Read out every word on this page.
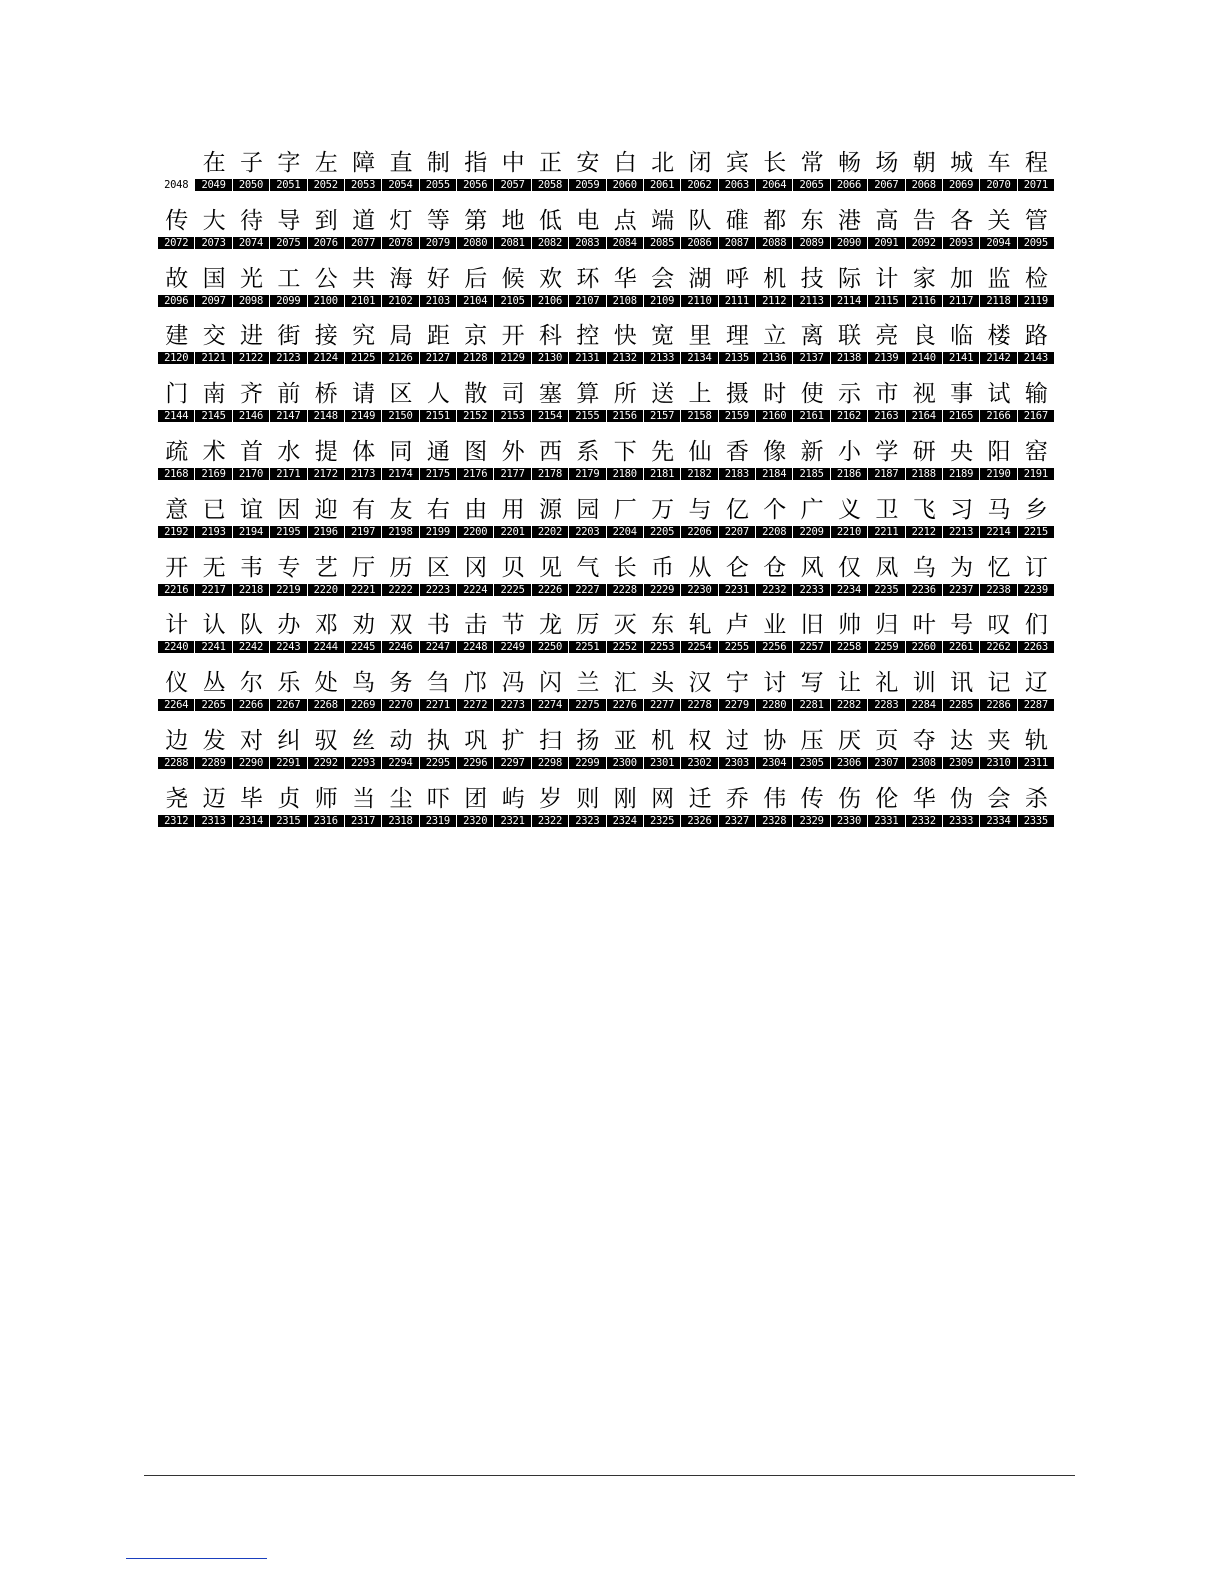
2048
在
2049
子
2050
字
2051
左
2052
障
2053
直
2054
制
2055
指
2056
中
2057
正
2058
安
2059
白
2060
北
2061
闭
2062
宾
2063
长
2064
常
2065
畅
2066
场
2067
朝
2068
城
2069
车
2070
程
2071
传
2072
大
2073
待
2074
导
2075
到
2076
道
2077
灯
2078
等
2079
第
2080
地
2081
低
2082
电
2083
点
2084
端
2085
队
2086
碓
2087
都
2088
东
2089
港
2090
高
2091
告
2092
各
2093
关
2094
管
2095
故
2096
国
2097
光
2098
工
2099
公
2100
共
2101
海
2102
好
2103
后
2104
候
2105
欢
2106
环
2107
华
2108
会
2109
湖
2110
呼
2111
机
2112
技
2113
际
2114
计
2115
家
2116
加
2117
监
2118
检
2119
建
2120
交
2121
进
2122
街
2123
接
2124
究
2125
局
2126
距
2127
京
2128
开
2129
科
2130
控
2131
快
2132
宽
2133
里
2134
理
2135
立
2136
离
2137
联
2138
亮
2139
良
2140
临
2141
楼
2142
路
2143
门
2144
南
2145
齐
2146
前
2147
桥
2148
请
2149
区
2150
人
2151
散
2152
司
2153
塞
2154
算
2155
所
2156
送
2157
上
2158
摄
2159
时
2160
使
2161
示
2162
市
2163
视
2164
事
2165
试
2166
输
2167
疏
2168
术
2169
首
2170
水
2171
提
2172
体
2173
同
2174
通
2175
图
2176
外
2177
西
2178
系
2179
下
2180
先
2181
仙
2182
香
2183
像
2184
新
2185
小
2186
学
2187
研
2188
央
2189
阳
2190
窑
2191
意
2192
已
2193
谊
2194
因
2195
迎
2196
有
2197
友
2198
右
2199
由
2200
用
2201
源
2202
园
2203
厂
2204
万
2205
与
2206
亿
2207
个
2208
广
2209
义
2210
卫
2211
飞
2212
习
2213
马
2214
乡
2215
开
2216
无
2217
韦
2218
专
2219
艺
2220
厅
2221
历
2222
区
2223
冈
2224
贝
2225
见
2226
气
2227
长
2228
币
2229
从
2230
仑
2231
仓
2232
风
2233
仅
2234
凤
2235
乌
2236
为
2237
忆
2238
订
2239
计
2240
认
2241
队
2242
办
2243
邓
2244
劝
2245
双
2246
书
2247
击
2248
节
2249
龙
2250
厉
2251
灭
2252
东
2253
轧
2254
卢
2255
业
2256
旧
2257
帅
2258
归
2259
叶
2260
号
2261
叹
2262
们
2263
仪
2264
丛
2265
尔
2266
乐
2267
处
2268
鸟
2269
务
2270
刍
2271
邝
2272
冯
2273
闪
2274
兰
2275
汇
2276
头
2277
汉
2278
宁
2279
讨
2280
写
2281
让
2282
礼
2283
训
2284
讯
2285
记
2286
辽
2287
边
2288
发
2289
对
2290
纠
2291
驭
2292
丝
2293
动
2294
执
2295
巩
2296
扩
2297
扫
2298
扬
2299
亚
2300
机
2301
权
2302
过
2303
协
2304
压
2305
厌
2306
页
2307
夺
2308
达
2309
夹
2310
轨
2311
尧
2312
迈
2313
毕
2314
贞
2315
师
2316
当
2317
尘
2318
吓
2319
团
2320
屿
2321
岁
2322
则
2323
刚
2324
网
2325
迁
2326
乔
2327
伟
2328
传
2329
伤
2330
伦
2331
华
2332
伪
2333
会
2334
杀
2335
